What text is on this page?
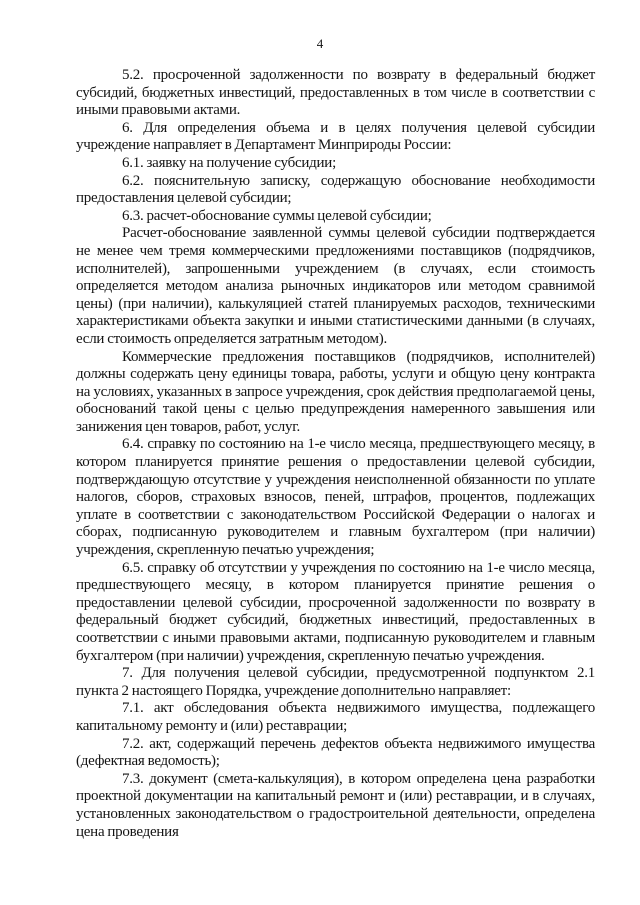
4

5.2. просроченной задолженности по возврату в федеральный бюджет субсидий, бюджетных инвестиций, предоставленных в том числе в соответствии с иными правовыми актами.

6. Для определения объема и в целях получения целевой субсидии учреждение направляет в Департамент Минприроды России:

6.1. заявку на получение субсидии;

6.2. пояснительную записку, содержащую обоснование необходимости предоставления целевой субсидии;

6.3. расчет-обоснование суммы целевой субсидии;

Расчет-обоснование заявленной суммы целевой субсидии подтверждается не менее чем тремя коммерческими предложениями поставщиков (подрядчиков, исполнителей), запрошенными учреждением (в случаях, если стоимость определяется методом анализа рыночных индикаторов или методом сравнимой цены) (при наличии), калькуляцией статей планируемых расходов, техническими характеристиками объекта закупки и иными статистическими данными (в случаях, если стоимость определяется затратным методом).

Коммерческие предложения поставщиков (подрядчиков, исполнителей) должны содержать цену единицы товара, работы, услуги и общую цену контракта на условиях, указанных в запросе учреждения, срок действия предполагаемой цены, обоснований такой цены с целью предупреждения намеренного завышения или занижения цен товаров, работ, услуг.

6.4. справку по состоянию на 1-е число месяца, предшествующего месяцу, в котором планируется принятие решения о предоставлении целевой субсидии, подтверждающую отсутствие у учреждения неисполненной обязанности по уплате налогов, сборов, страховых взносов, пеней, штрафов, процентов, подлежащих уплате в соответствии с законодательством Российской Федерации о налогах и сборах, подписанную руководителем и главным бухгалтером (при наличии) учреждения, скрепленную печатью учреждения;

6.5. справку об отсутствии у учреждения по состоянию на 1-е число месяца, предшествующего месяцу, в котором планируется принятие решения о предоставлении целевой субсидии, просроченной задолженности по возврату в федеральный бюджет субсидий, бюджетных инвестиций, предоставленных в соответствии с иными правовыми актами, подписанную руководителем и главным бухгалтером (при наличии) учреждения, скрепленную печатью учреждения.

7. Для получения целевой субсидии, предусмотренной подпунктом 2.1 пункта 2 настоящего Порядка, учреждение дополнительно направляет:

7.1. акт обследования объекта недвижимого имущества, подлежащего капитальному ремонту и (или) реставрации;

7.2. акт, содержащий перечень дефектов объекта недвижимого имущества (дефектная ведомость);

7.3. документ (смета-калькуляция), в котором определена цена разработки проектной документации на капитальный ремонт и (или) реставрации, и в случаях, установленных законодательством о градостроительной деятельности, определена цена проведения
